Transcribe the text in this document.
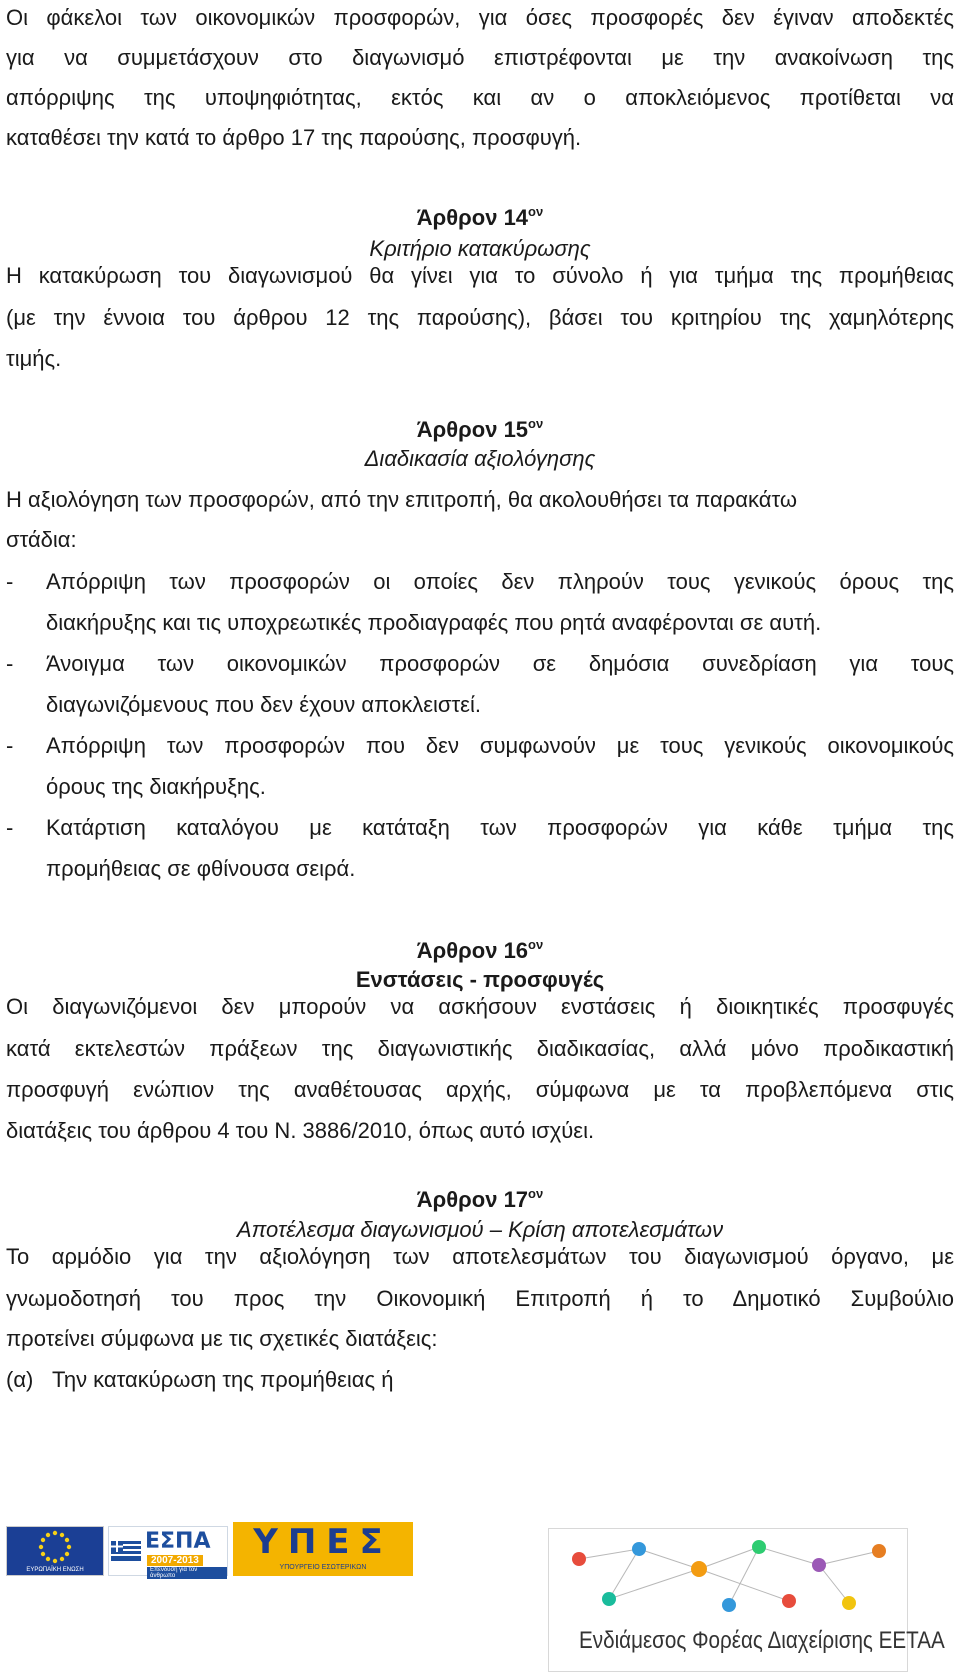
Οι φάκελοι των οικονομικών προσφορών, για όσες προσφορές δεν έγιναν αποδεκτές

για να συμμετάσχουν στο διαγωνισμό επιστρέφονται με την ανακοίνωση της

απόρριψης της υποψηφιότητας, εκτός και αν ο αποκλειόμενος προτίθεται να

καταθέσει την κατά το άρθρο 17 της παρούσης, προσφυγή.

Άρθρον $14^{o\nu}$

Κριτήριο κατακύρωσης

Η κατακύρωση του διαγωνισμού θα γίνει για το σύνολο ή για τμήμα της προμήθειας

(με την έννοια του άρθρου 12 της παρούσης), βάσει του κριτηρίου της χαμηλότερης

τιμής.

Άρθρον $15^{o\nu}$

Διαδικασία αξιολόγησης

Η αξιολόγηση των προσφορών, από την επιτροπή, θα ακολουθήσει τα παρακάτω

στάδια:

- Απόρριψη των προσφορών οι οποίες δεν πληρούν τους γενικούς όρους της
διακήρυξης και τις υποχρεωτικές προδιαγραφές που ρητά αναφέρονται σε αυτή.
- Άνοιγμα των οικονομικών προσφορών σε δημόσια συνεδρίαση για τους
διαγωνιζόμενους που δεν έχουν αποκλειστεί.
- Απόρριψη των προσφορών που δεν συμφωνούν με τους γενικούς οικονομικούς
όρους της διακήρυξης.
- Κατάρτιση καταλόγου με κατάταξη των προσφορών για κάθε τμήμα της
προμήθειας σε φθίνουσα σειρά.

Άρθρον $16^{o\nu}$

Ενστάσεις - προσφυγές

Οι διαγωνιζόμενοι δεν μπορούν να ασκήσουν ενστάσεις ή διοικητικές προσφυγές

κατά εκτελεστών πράξεων της διαγωνιστικής διαδικασίας, αλλά μόνο προδικαστική

προσφυγή ενώπιον της αναθέτουσας αρχής, σύμφωνα με τα προβλεπόμενα στις

διατάξεις του άρθρου 4 του Ν. 3886/2010, όπως αυτό ισχύει.

Άρθρον $17^{o\nu}$

Αποτέλεσμα διαγωνισμού – Κρίση αποτελεσμάτων

Το αρμόδιο για την αξιολόγηση των αποτελεσμάτων του διαγωνισμού όργανο, με

γνωμοδοτησή του προς την Οικονομική Επιτροπή ή το Δημοτικό Συμβούλιο

προτείνει σύμφωνα με τις σχετικές διατάξεις:

(α) Την κατακύρωση της προμήθειας ή
ΕΥΡΩΠΑΪΚΗ ΕΝΩΣΗ
ΕΣΠΑ
2007-2013
Επένδυση για τον άνθρωπο
ΥΠΕΣ
ΥΠΟΥΡΓΕΙΟ ΕΣΩΤΕΡΙΚΩΝ
Ενδιάμεσος Φορέας Διαχείρισης ΕΕΤΑΑ
